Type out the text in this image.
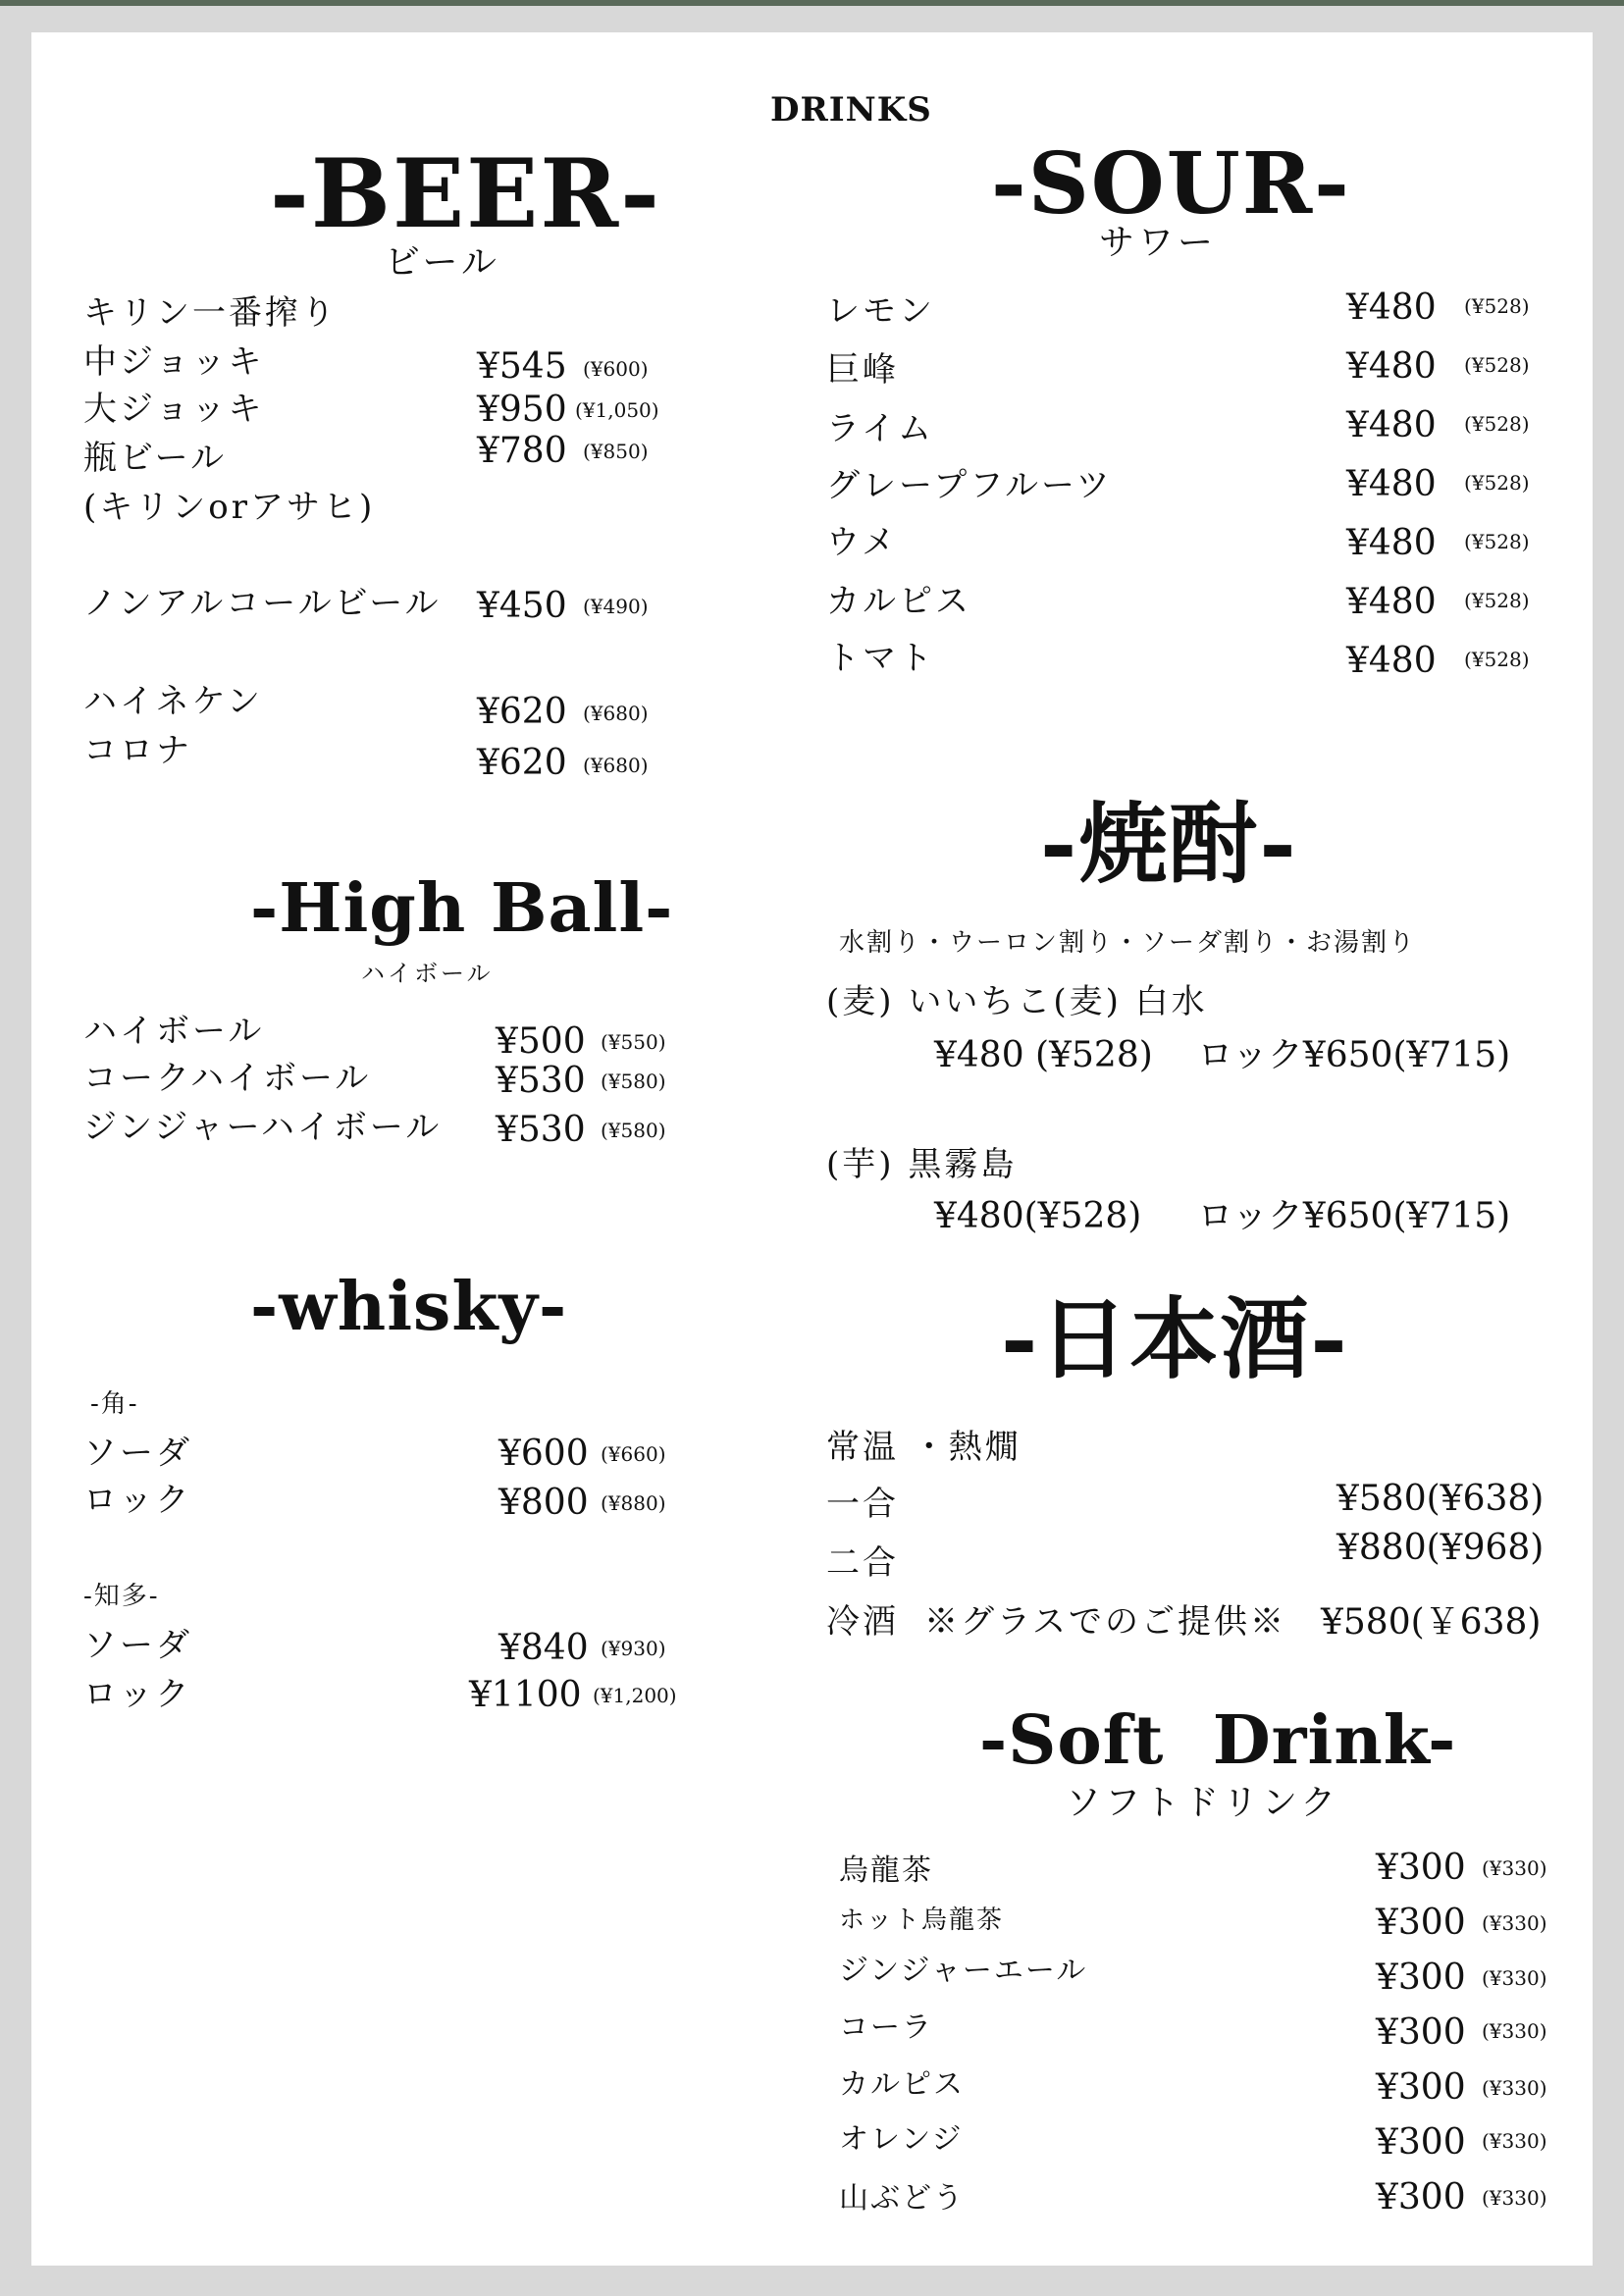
DRINKS
-BEER-
ビール
キリン一番搾り
中ジョッキ	¥545 (¥600)
大ジョッキ	¥950 (¥1,050)
瓶ビール	¥780 (¥850)
(キリンorアサヒ)
ノンアルコールビール ¥450 (¥490)
ハイネケン	¥620 (¥680)
コロナ	¥620 (¥680)
-High Ball-
ハイボール
ハイボール	¥500 (¥550)
コークハイボール	¥530 (¥580)
ジンジャーハイボール ¥530 (¥580)
-whisky-
-角-
ソーダ	¥600 (¥660)
ロック	¥800 (¥880)
-知多-
ソーダ	¥840 (¥930)
ロック	¥1100 (¥1,200)
-SOUR-
サワー
レモン	¥480 (¥528)
巨峰	¥480 (¥528)
ライム	¥480 (¥528)
グレープフルーツ	¥480 (¥528)
ウメ	¥480 (¥528)
カルピス	¥480 (¥528)
トマト	¥480 (¥528)
-焼酎-
水割り・ウーロン割り・ソーダ割り・お湯割り
(麦) いいちこ(麦) 白水
¥480 (¥528)    ロック¥650(¥715)
(芋) 黒霧島
¥480(¥528)     ロック¥650(¥715)
-日本酒-
常温 ・熱燗
一合	¥580(¥638)
二合	¥880(¥968)
冷酒 ※グラスでのご提供※ ¥580(￥638)
-Soft  Drink-
ソフトドリンク
烏龍茶	¥300 (¥330)
ホット烏龍茶	¥300 (¥330)
ジンジャーエール	¥300 (¥330)
コーラ	¥300 (¥330)
カルピス	¥300 (¥330)
オレンジ	¥300 (¥330)
山ぶどう	¥300 (¥330)
